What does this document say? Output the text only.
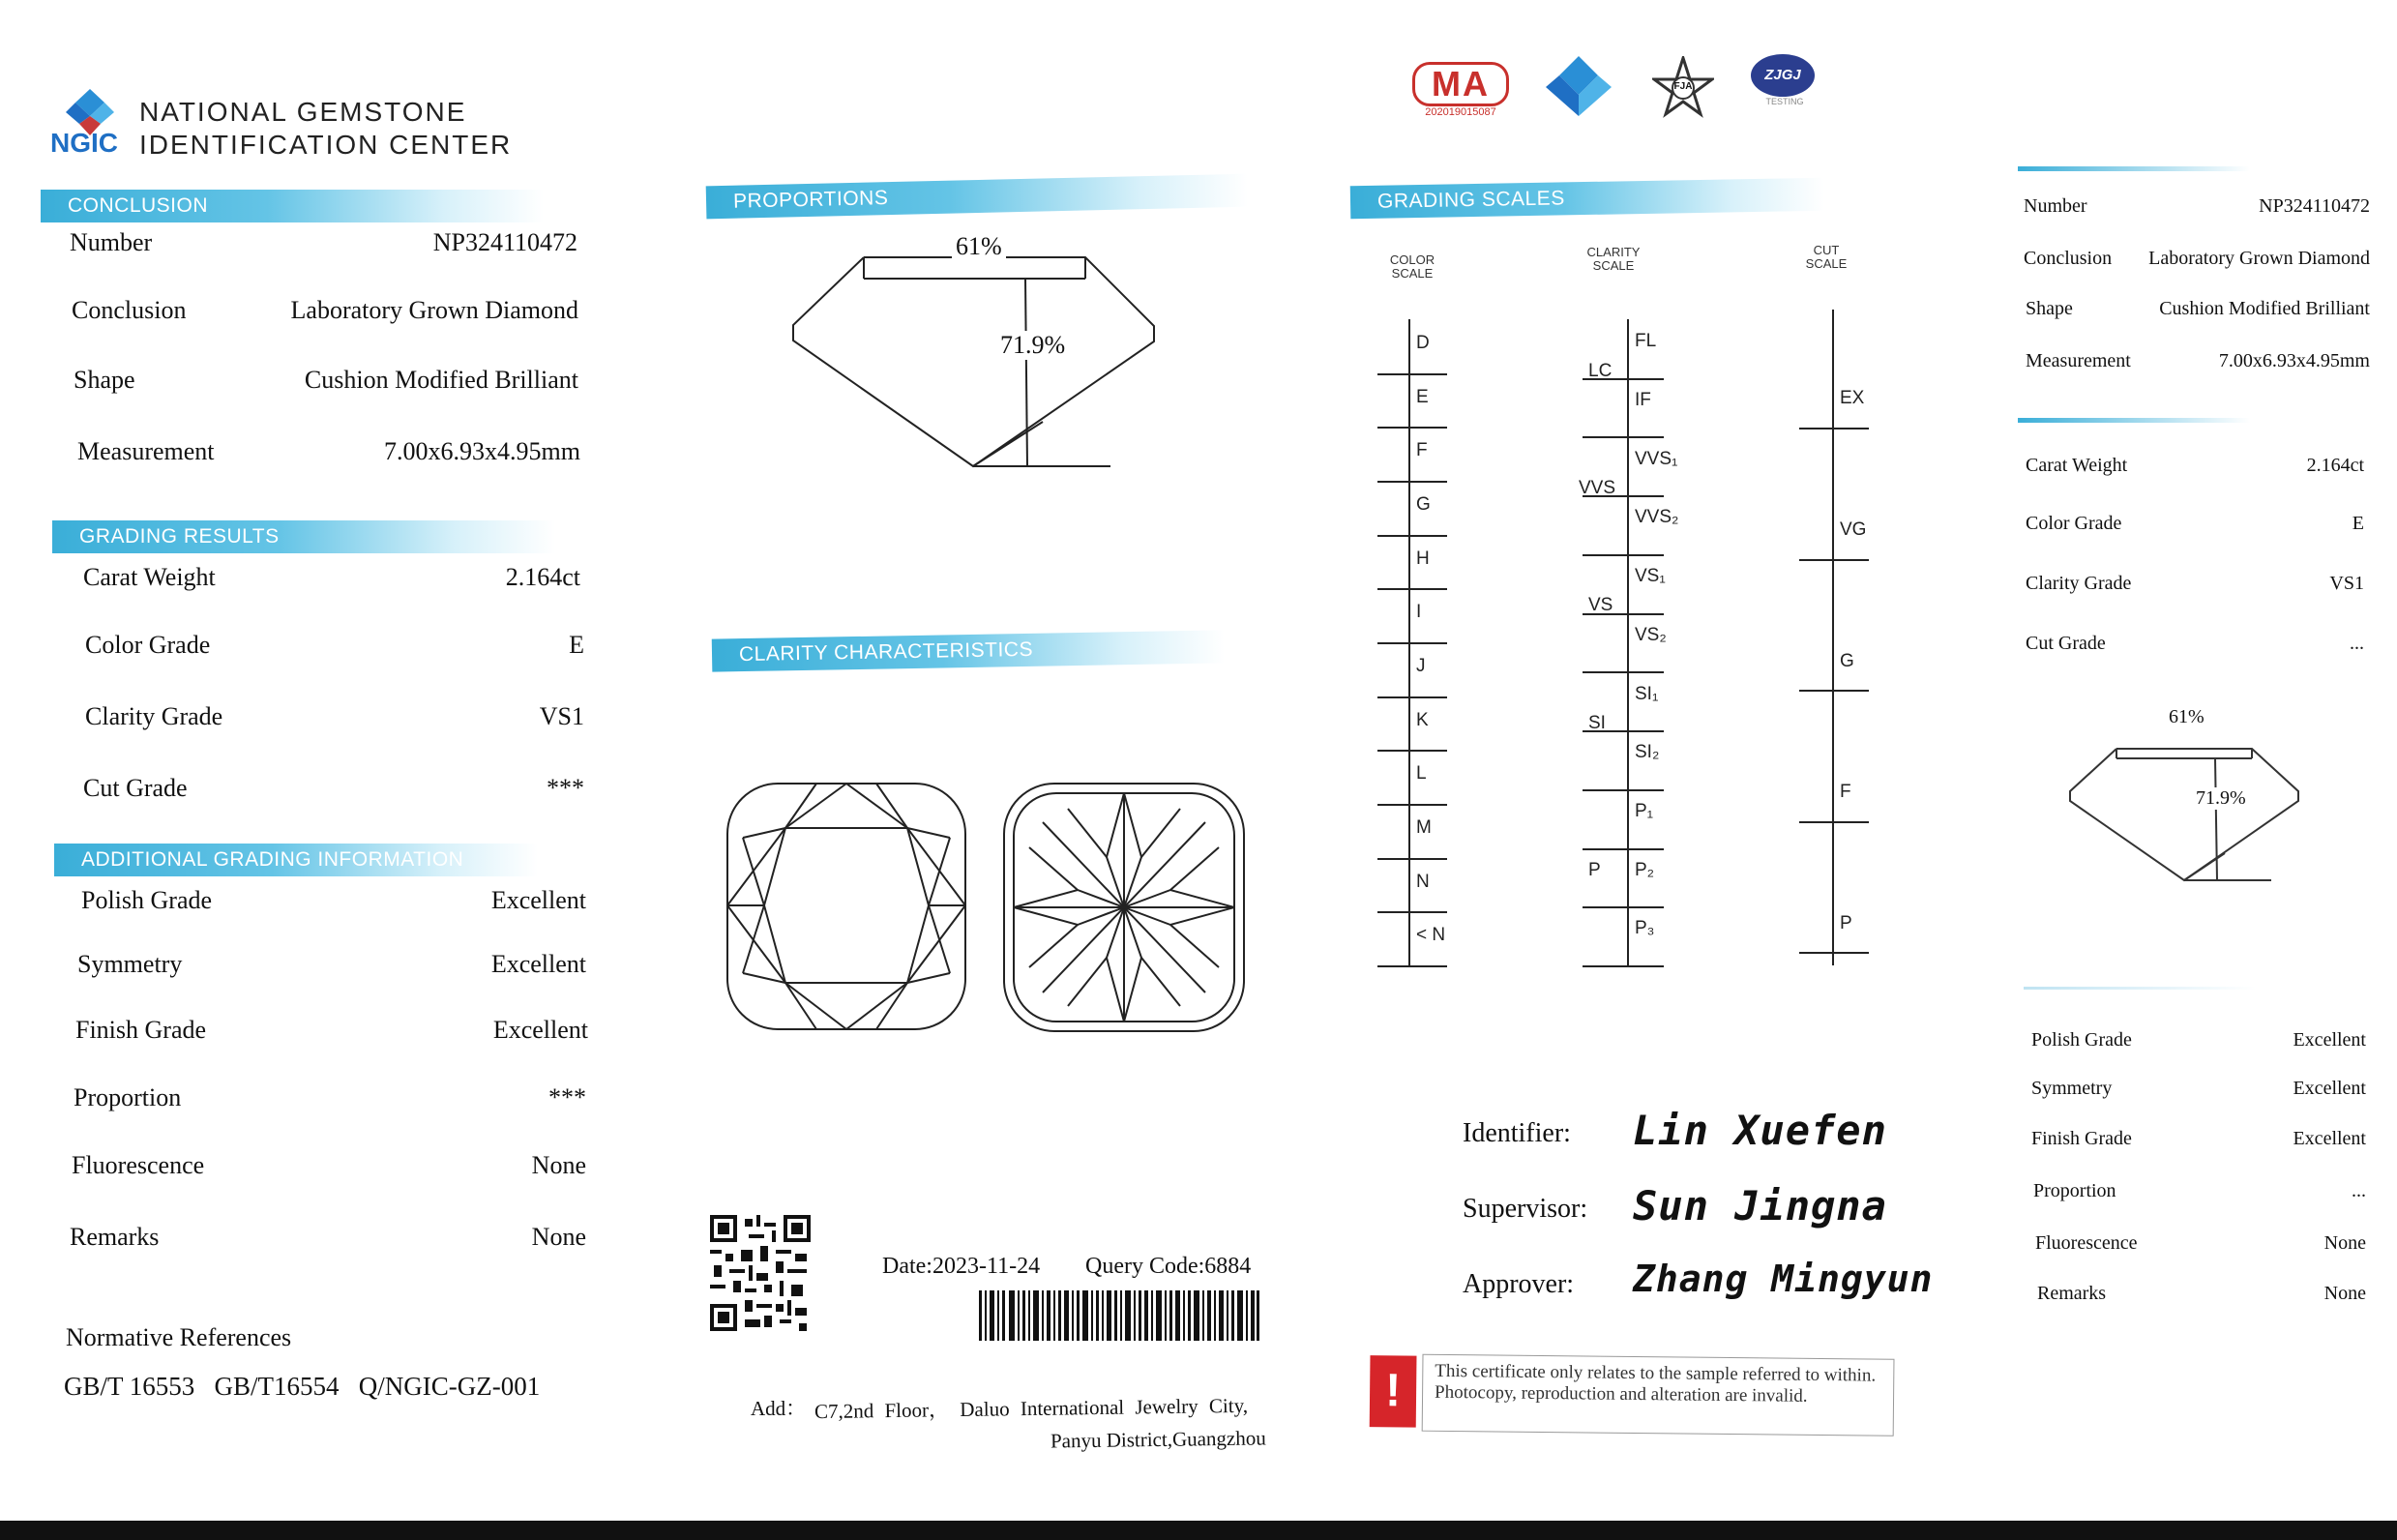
NGIC
NATIONAL GEMSTONE
IDENTIFICATION CENTER
CONCLUSION
Number	NP324110472
Conclusion	Laboratory Grown Diamond
Shape	Cushion Modified Brilliant
Measurement	7.00x6.93x4.95mm
GRADING RESULTS
Carat Weight	2.164ct
Color Grade	E
Clarity Grade	VS1
Cut Grade	***
ADDITIONAL GRADING INFORMATION
Polish Grade	Excellent
Symmetry	Excellent
Finish Grade	Excellent
Proportion	***
Fluorescence	None
Remarks	None
Normative References
GB/T 16553   GB/T16554   Q/NGIC-GZ-001
PROPORTIONS
61%
71.9%
CLARITY CHARACTERISTICS
Date:2023-11-24 Query Code:6884
Add： C7,2nd Floor， Daluo International Jewelry City,
Panyu District,Guangzhou
MA
202019015087
FJA
ZJGJ
TESTING
GRADING SCALES
COLOR SCALE
CLARITY SCALE
CUT SCALE
D
E
F
G
H
I
J
K
L
M
N
< N
FL
IF
VVS₁
VVS₂
VS₁
VS₂
SI₁
SI₂
P₁
P₂
P₃
LC
VVS
VS
SI
P
EX
VG
G
F
P
Identifier: Lin Xuefen
Supervisor: Sun Jingna
Approver: Zhang Mingyun
!	This certificate only relates to the sample referred to within. Photocopy, reproduction and alteration are invalid.
Number	NP324110472
Conclusion Laboratory Grown Diamond
Shape	Cushion Modified Brilliant
Measurement	7.00x6.93x4.95mm
Carat Weight	2.164ct
Color Grade	E
Clarity Grade	VS1
Cut Grade	...
61%
71.9%
Polish Grade	Excellent
Symmetry	Excellent
Finish Grade	Excellent
Proportion	...
Fluorescence	None
Remarks	None
